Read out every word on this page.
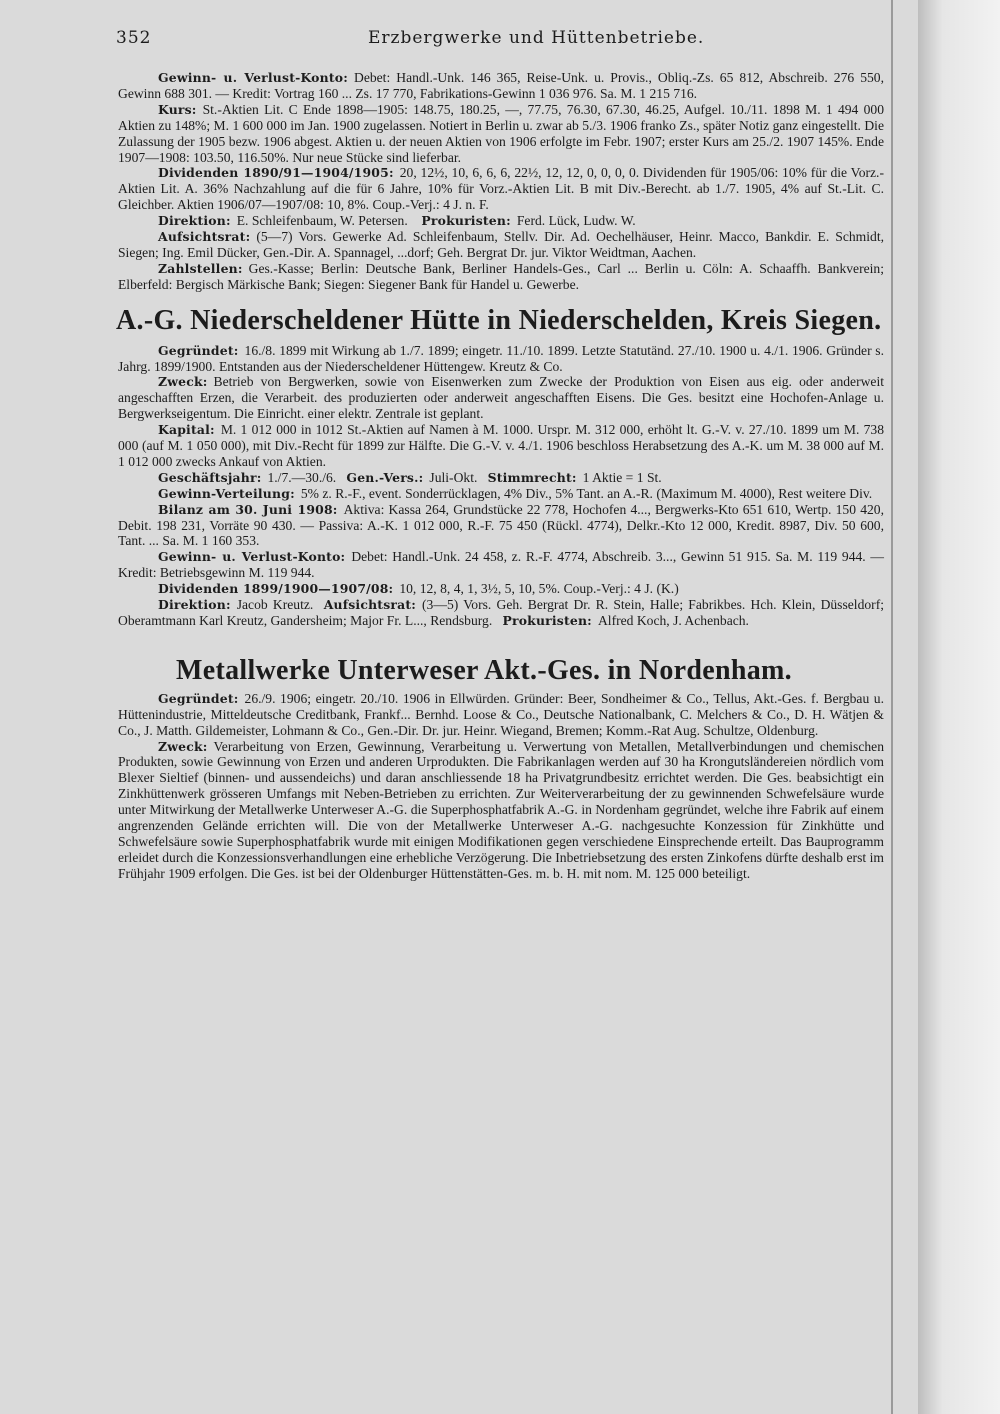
352	Erzbergwerke und Hüttenbetriebe.

Gewinn- u. Verlust-Konto: Debet: Handl.-Unk. 146 365, Reise-Unk. u. Provis., Obliq.-Zs. 65 812, Abschreib. 276 550, Gewinn 688 301. — Kredit: Vortrag 160 ... Zs. 17 770, Fabrikations-Gewinn 1 036 976. Sa. M. 1 215 716.

Kurs: St.-Aktien Lit. C Ende 1898—1905: 148.75, 180.25, —, 77.75, 76.30, 67.30, 46.25, Aufgel. 10./11. 1898 M. 1 494 000 Aktien zu 148%; M. 1 600 000 im Jan. 1900 zugelassen. Notiert in Berlin u. zwar ab 5./3. 1906 franko Zs., später Notiz ganz eingestellt. Die Zulassung der 1905 bezw. 1906 abgest. Aktien u. der neuen Aktien von 1906 erfolgte im Febr. 1907; erster Kurs am 25./2. 1907 145%. Ende 1907—1908: 103.50, 116.50%. Nur neue Stücke sind lieferbar.

Dividenden 1890/91—1904/1905: 20, 12½, 10, 6, 6, 6, 22½, 12, 12, 0, 0, 0, 0. Dividenden für 1905/06: 10% für die Vorz.-Aktien Lit. A. 36% Nachzahlung auf die für 6 Jahre, 10% für Vorz.-Aktien Lit. B mit Div.-Berecht. ab 1./7. 1905, 4% auf St.-Lit. C. Gleichber. Aktien 1906/07—1907/08: 10, 8%. Coup.-Verj.: 4 J. n. F.

Direktion: E. Schleifenbaum, W. Petersen. Prokuristen: Ferd. Lück, Ludw. W.

Aufsichtsrat: (5—7) Vors. Gewerke Ad. Schleifenbaum, Stellv. Dir. Ad. Oechelhäuser, Heinr. Macco, Bankdir. E. Schmidt, Siegen; Ing. Emil Dücker, Gen.-Dir. A. Spannagel, ...dorf; Geh. Bergrat Dr. jur. Viktor Weidtman, Aachen.

Zahlstellen: Ges.-Kasse; Berlin: Deutsche Bank, Berliner Handels-Ges., Carl ... Berlin u. Cöln: A. Schaaffh. Bankverein; Elberfeld: Bergisch Märkische Bank; Siegen: Siegener Bank für Handel u. Gewerbe.

A.-G. Niederscheldener Hütte in Niederschelden, Kreis Siegen.

Gegründet: 16./8. 1899 mit Wirkung ab 1./7. 1899; eingetr. 11./10. 1899. Letzte Statutänd. 27./10. 1900 u. 4./1. 1906. Gründer s. Jahrg. 1899/1900. Entstanden aus der Niederscheldener Hüttengew. Kreutz & Co.

Zweck: Betrieb von Bergwerken, sowie von Eisenwerken zum Zwecke der Produktion von Eisen aus eig. oder anderweit angeschafften Erzen, die Verarbeit. des produzierten oder anderweit angeschafften Eisens. Die Ges. besitzt eine Hochofen-Anlage u. Bergwerkseigentum. Die Einricht. einer elektr. Zentrale ist geplant.

Kapital: M. 1 012 000 in 1012 St.-Aktien auf Namen à M. 1000. Urspr. M. 312 000, erhöht lt. G.-V. v. 27./10. 1899 um M. 738 000 (auf M. 1 050 000), mit Div.-Recht für 1899 zur Hälfte. Die G.-V. v. 4./1. 1906 beschloss Herabsetzung des A.-K. um M. 38 000 auf M. 1 012 000 zwecks Ankauf von Aktien.

Geschäftsjahr: 1./7.—30./6. Gen.-Vers.: Juli-Okt. Stimmrecht: 1 Aktie = 1 St.

Gewinn-Verteilung: 5% z. R.-F., event. Sonderrücklagen, 4% Div., 5% Tant. an A.-R. (Maximum M. 4000), Rest weitere Div.

Bilanz am 30. Juni 1908: Aktiva: Kassa 264, Grundstücke 22 778, Hochofen 4..., Bergwerks-Kto 651 610, Wertp. 150 420, Debit. 198 231, Vorräte 90 430. — Passiva: A.-K. 1 012 000, R.-F. 75 450 (Rückl. 4774), Delkr.-Kto 12 000, Kredit. 8987, Div. 50 600, Tant. ... Sa. M. 1 160 353.

Gewinn- u. Verlust-Konto: Debet: Handl.-Unk. 24 458, z. R.-F. 4774, Abschreib. 3..., Gewinn 51 915. Sa. M. 119 944. — Kredit: Betriebsgewinn M. 119 944.

Dividenden 1899/1900—1907/08: 10, 12, 8, 4, 1, 3½, 5, 10, 5%. Coup.-Verj.: 4 J. (K.)

Direktion: Jacob Kreutz. Aufsichtsrat: (3—5) Vors. Geh. Bergrat Dr. R. Stein, Halle; Fabrikbes. Hch. Klein, Düsseldorf; Oberamtmann Karl Kreutz, Gandersheim; Major Fr. L..., Rendsburg. Prokuristen: Alfred Koch, J. Achenbach.

Metallwerke Unterweser Akt.-Ges. in Nordenham.

Gegründet: 26./9. 1906; eingetr. 20./10. 1906 in Ellwürden. Gründer: Beer, Sondheimer & Co., Tellus, Akt.-Ges. f. Bergbau u. Hüttenindustrie, Mitteldeutsche Creditbank, Frankf... Bernhd. Loose & Co., Deutsche Nationalbank, C. Melchers & Co., D. H. Wätjen & Co., J. Matth. Gildemeister, Lohmann & Co., Gen.-Dir. Dr. jur. Heinr. Wiegand, Bremen; Komm.-Rat Aug. Schultze, Oldenburg.

Zweck: Verarbeitung von Erzen, Gewinnung, Verarbeitung u. Verwertung von Metallen, Metallverbindungen und chemischen Produkten, sowie Gewinnung von Erzen und anderen Urprodukten. Die Fabrikanlagen werden auf 30 ha Krongutsländereien nördlich vom Blexer Sieltief (binnen- und aussendeichs) und daran anschliessende 18 ha Privatgrundbesitz errichtet werden. Die Ges. beabsichtigt ein Zinkhüttenwerk grösseren Umfangs mit Neben-Betrieben zu errichten. Zur Weiterverarbeitung der zu gewinnenden Schwefelsäure wurde unter Mitwirkung der Metallwerke Unterweser A.-G. die Superphosphatfabrik A.-G. in Nordenham gegründet, welche ihre Fabrik auf einem angrenzenden Gelände errichten will. Die von der Metallwerke Unterweser A.-G. nachgesuchte Konzession für Zinkhütte und Schwefelsäure sowie Superphosphatfabrik wurde mit einigen Modifikationen gegen verschiedene Einsprechende erteilt. Das Bauprogramm erleidet durch die Konzessionsverhandlungen eine erhebliche Verzögerung. Die Inbetriebsetzung des ersten Zinkofens dürfte deshalb erst im Frühjahr 1909 erfolgen. Die Ges. ist bei der Oldenburger Hüttenstätten-Ges. m. b. H. mit nom. M. 125 000 beteiligt.
